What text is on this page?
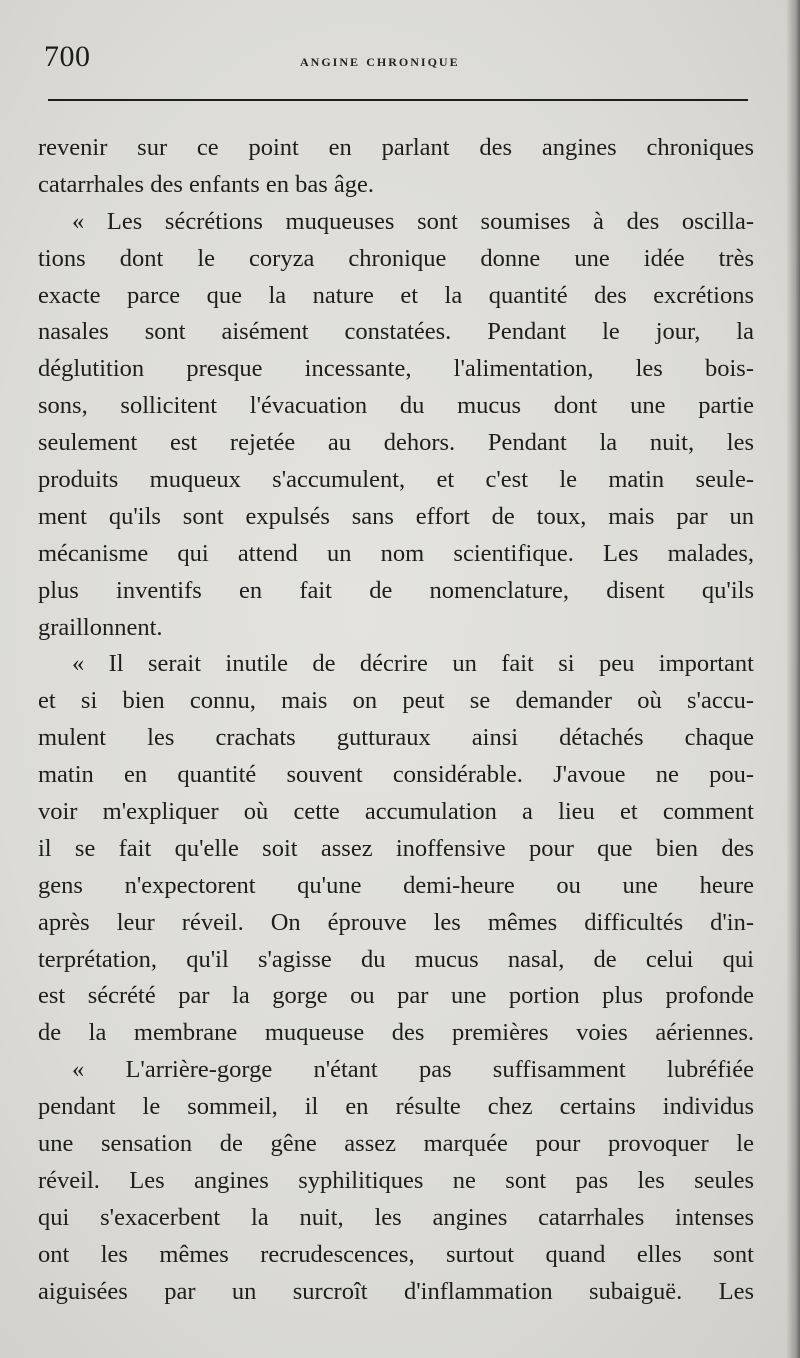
700	angine chronique
revenir sur ce point en parlant des angines chroniques
catarrhales des enfants en bas âge.
« Les sécrétions muqueuses sont soumises à des oscilla-
tions dont le coryza chronique donne une idée très
exacte parce que la nature et la quantité des excrétions
nasales sont aisément constatées. Pendant le jour, la
déglutition presque incessante, l'alimentation, les bois-
sons, sollicitent l'évacuation du mucus dont une partie
seulement est rejetée au dehors. Pendant la nuit, les
produits muqueux s'accumulent, et c'est le matin seule-
ment qu'ils sont expulsés sans effort de toux, mais par un
mécanisme qui attend un nom scientifique. Les malades,
plus inventifs en fait de nomenclature, disent qu'ils
graillonnent.
« Il serait inutile de décrire un fait si peu important
et si bien connu, mais on peut se demander où s'accu-
mulent les crachats gutturaux ainsi détachés chaque
matin en quantité souvent considérable. J'avoue ne pou-
voir m'expliquer où cette accumulation a lieu et comment
il se fait qu'elle soit assez inoffensive pour que bien des
gens n'expectorent qu'une demi-heure ou une heure
après leur réveil. On éprouve les mêmes difficultés d'in-
terprétation, qu'il s'agisse du mucus nasal, de celui qui
est sécrété par la gorge ou par une portion plus profonde
de la membrane muqueuse des premières voies aériennes.
« L'arrière-gorge n'étant pas suffisamment lubréfiée
pendant le sommeil, il en résulte chez certains individus
une sensation de gêne assez marquée pour provoquer le
réveil. Les angines syphilitiques ne sont pas les seules
qui s'exacerbent la nuit, les angines catarrhales intenses
ont les mêmes recrudescences, surtout quand elles sont
aiguisées par un surcroît d'inflammation subaiguë. Les
